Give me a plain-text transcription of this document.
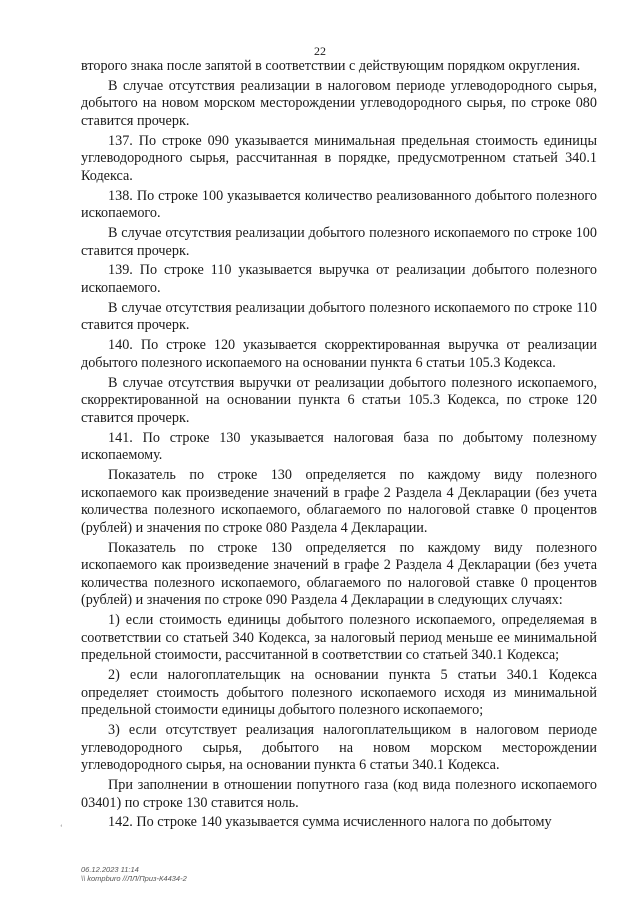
22

второго знака после запятой в соответствии с действующим порядком округления.

В случае отсутствия реализации в налоговом периоде углеводородного сырья, добытого на новом морском месторождении углеводородного сырья, по строке 080 ставится прочерк.

137. По строке 090 указывается минимальная предельная стоимость единицы углеводородного сырья, рассчитанная в порядке, предусмотренном статьей 340.1 Кодекса.

138. По строке 100 указывается количество реализованного добытого полезного ископаемого.

В случае отсутствия реализации добытого полезного ископаемого по строке 100 ставится прочерк.

139. По строке 110 указывается выручка от реализации добытого полезного ископаемого.

В случае отсутствия реализации добытого полезного ископаемого по строке 110 ставится прочерк.

140. По строке 120 указывается скорректированная выручка от реализации добытого полезного ископаемого на основании пункта 6 статьи 105.3 Кодекса.

В случае отсутствия выручки от реализации добытого полезного ископаемого, скорректированной на основании пункта 6 статьи 105.3 Кодекса, по строке 120 ставится прочерк.

141. По строке 130 указывается налоговая база по добытому полезному ископаемому.

Показатель по строке 130 определяется по каждому виду полезного ископаемого как произведение значений в графе 2 Раздела 4 Декларации (без учета количества полезного ископаемого, облагаемого по налоговой ставке 0 процентов (рублей) и значения по строке 080 Раздела 4 Декларации.

Показатель по строке 130 определяется по каждому виду полезного ископаемого как произведение значений в графе 2 Раздела 4 Декларации (без учета количества полезного ископаемого, облагаемого по налоговой ставке 0 процентов (рублей) и значения по строке 090 Раздела 4 Декларации в следующих случаях:

1) если стоимость единицы добытого полезного ископаемого, определяемая в соответствии со статьей 340 Кодекса, за налоговый период меньше ее минимальной предельной стоимости, рассчитанной в соответствии со статьей 340.1 Кодекса;

2) если налогоплательщик на основании пункта 5 статьи 340.1 Кодекса определяет стоимость добытого полезного ископаемого исходя из минимальной предельной стоимости единицы добытого полезного ископаемого;

3) если отсутствует реализация налогоплательщиком в налоговом периоде углеводородного сырья, добытого на новом морском месторождении углеводородного сырья, на основании пункта 6 статьи 340.1 Кодекса.

При заполнении в отношении попутного газа (код вида полезного ископаемого 03401) по строке 130 ставится ноль.

142. По строке 140 указывается сумма исчисленного налога по добытому

‘
06.12.2023 11:14
\\ kompburo //ЛЛ/Приз-К4434-2
